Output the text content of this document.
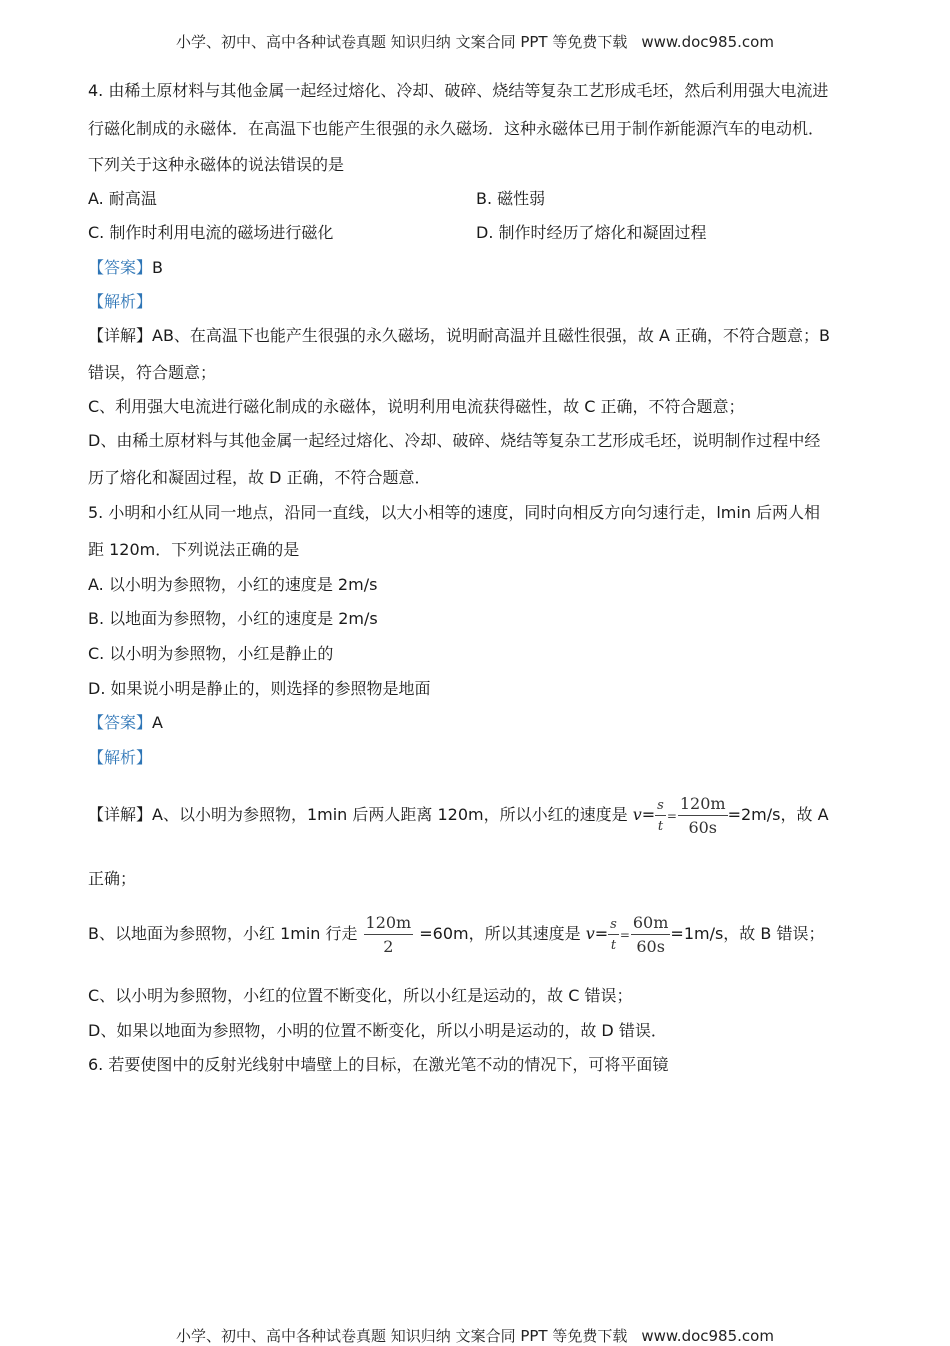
小学、初中、高中各种试卷真题 知识归纳 文案合同 PPT 等免费下载 www.doc985.com
4. 由稀土原材料与其他金属一起经过熔化、冷却、破碎、烧结等复杂工艺形成毛坯，然后利用强大电流进
行磁化制成的永磁体．在高温下也能产生很强的永久磁场．这种永磁体已用于制作新能源汽车的电动机．
下列关于这种永磁体的说法错误的是
A. 耐高温	B. 磁性弱
C. 制作时利用电流的磁场进行磁化	D. 制作时经历了熔化和凝固过程
【答案】B
【解析】
【详解】AB、在高温下也能产生很强的永久磁场，说明耐高温并且磁性很强，故 A 正确，不符合题意；B
错误，符合题意；
C、利用强大电流进行磁化制成的永磁体，说明利用电流获得磁性，故 C 正确，不符合题意；
D、由稀土原材料与其他金属一起经过熔化、冷却、破碎、烧结等复杂工艺形成毛坯，说明制作过程中经
历了熔化和凝固过程，故 D 正确，不符合题意．
5. 小明和小红从同一地点，沿同一直线，以大小相等的速度，同时向相反方向匀速行走，lmin 后两人相
距 120m．下列说法正确的是
A. 以小明为参照物，小红的速度是 2m/s
B. 以地面为参照物，小红的速度是 2m/s
C. 以小明为参照物，小红是静止的
D. 如果说小明是静止的，则选择的参照物是地面
【答案】A
【解析】
【详解】A、以小明为参照物，1min 后两人距离 120m，所以小红的速度是 $v= \frac{s}{t} = \frac{120m}{60s} =2m/s$，故 A
正确；
B、以地面为参照物，小红 1min 行走 $\frac{120m}{2} =60m$，所以其速度是 $v= \frac{s}{t} = \frac{60m}{60s} =1m/s$，故 B 错误；
C、以小明为参照物，小红的位置不断变化，所以小红是运动的，故 C 错误；
D、如果以地面为参照物，小明的位置不断变化，所以小明是运动的，故 D 错误．
6. 若要使图中的反射光线射中墙壁上的目标，在激光笔不动的情况下，可将平面镜
小学、初中、高中各种试卷真题 知识归纳 文案合同 PPT 等免费下载 www.doc985.com
